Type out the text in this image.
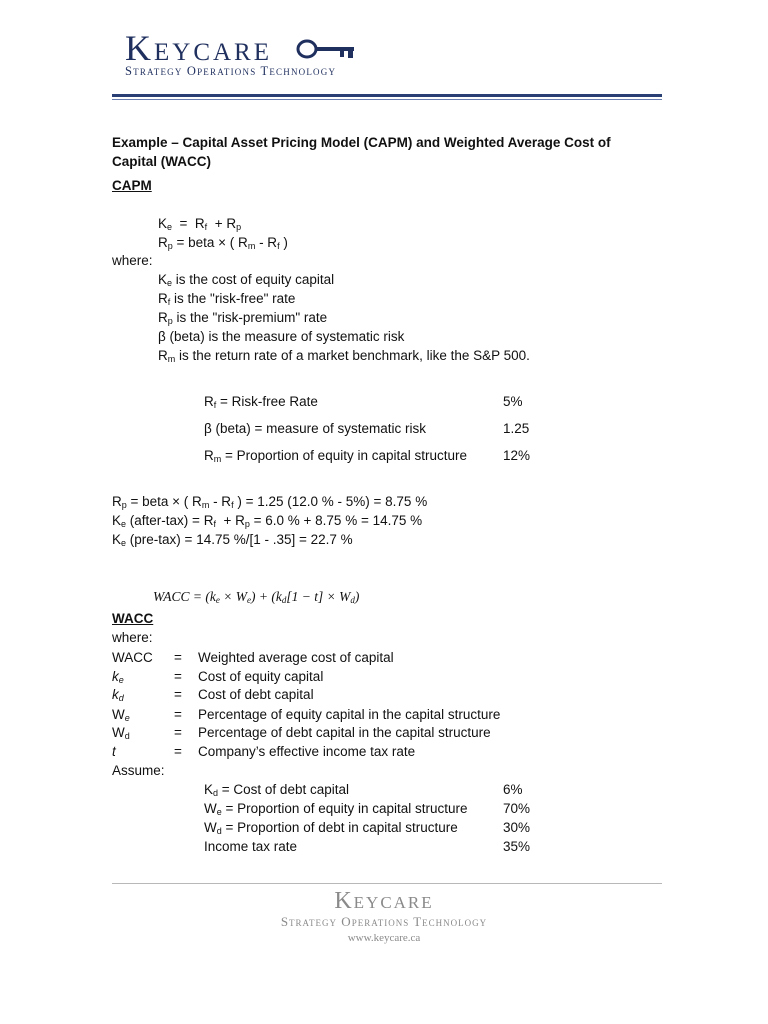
Keycare
Strategy Operations Technology
Example – Capital Asset Pricing Model (CAPM) and Weighted Average Cost of
Capital (WACC)
CAPM
$K_e = R_f + R_p$
$R_p$ = beta × ( $R_m - R_f$ )
where:
$K_e$ is the cost of equity capital
$R_f$ is the "risk-free" rate
$R_p$ is the "risk-premium" rate
β (beta) is the measure of systematic risk
$R_m$ is the return rate of a market benchmark, like the S&P 500.
$R_f$ = Risk-free Rate	5%
β (beta) = measure of systematic risk	1.25
$R_m$ = Proportion of equity in capital structure	12%
$R_p$ = beta × ( $R_m - R_f$ ) = 1.25 (12.0 % - 5%) = 8.75 %
$K_e$ (after-tax) = $R_f + R_p = 6.0$ % + 8.75 % = 14.75 %
$K_e$ (pre-tax) = 14.75 %/[1 - .35] = 22.7 %
WACC = $(k_e \times W_e) + (k_d[1 - t] \times W_d)$
WACC
where:
WACC = Weighted average cost of capital
$k_e$	= Cost of equity capital
$k_d$	= Cost of debt capital
$W_e$	= Percentage of equity capital in the capital structure
$W_d$	= Percentage of debt capital in the capital structure
t	= Company’s effective income tax rate
Assume:
$K_d$ = Cost of debt capital	6%
$W_e$ = Proportion of equity in capital structure	70%
$W_d$ = Proportion of debt in capital structure	30%
Income tax rate	35%
Keycare
Strategy Operations Technology
www.keycare.ca
